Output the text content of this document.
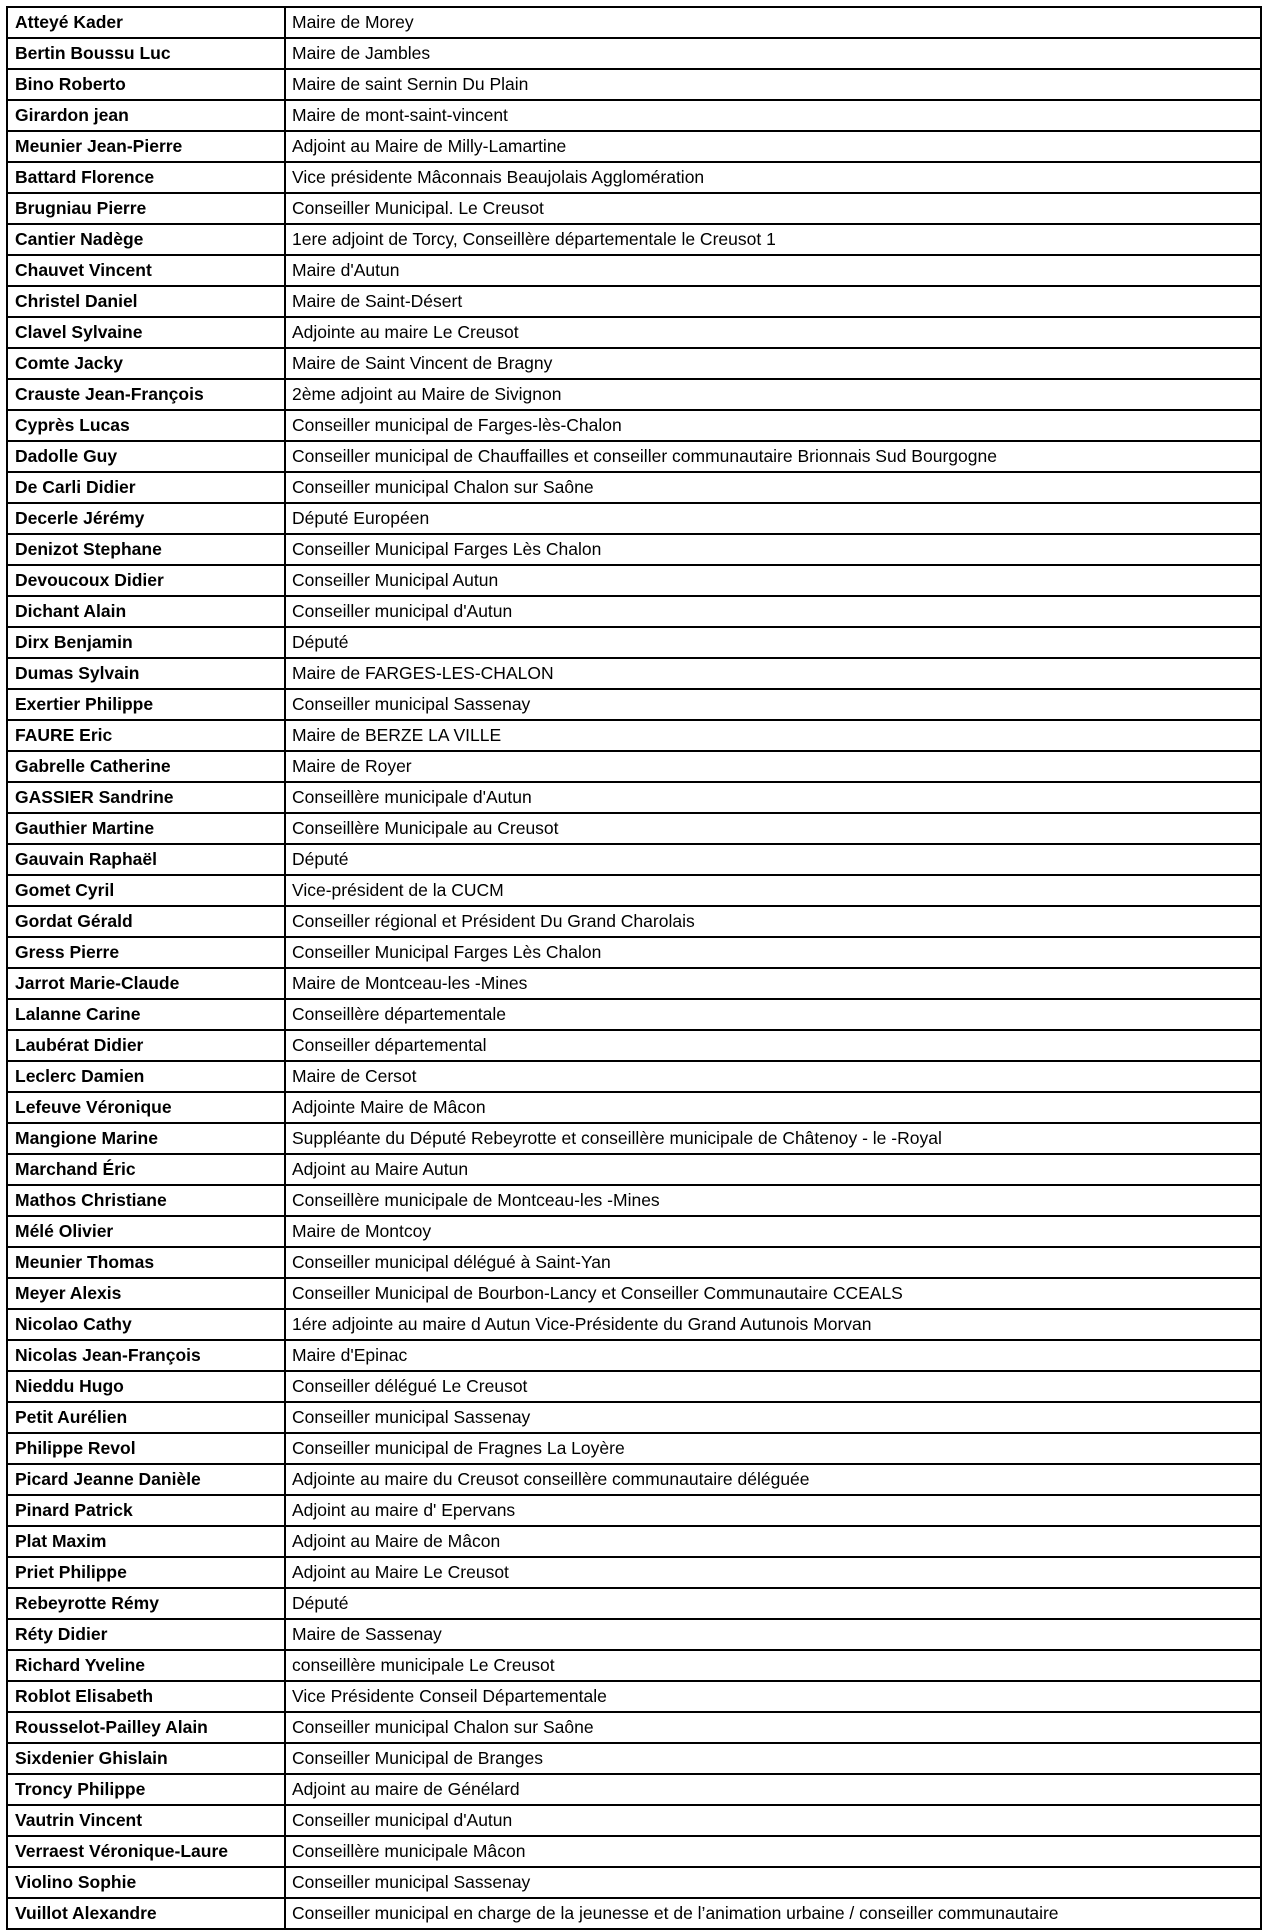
Atteyé Kader	Maire de Morey
Bertin Boussu Luc	Maire de Jambles
Bino Roberto	Maire de saint Sernin Du Plain
Girardon jean	Maire de mont-saint-vincent
Meunier Jean-Pierre	Adjoint au Maire de Milly-Lamartine
Battard Florence	Vice présidente Mâconnais Beaujolais Agglomération
Brugniau Pierre	Conseiller Municipal. Le Creusot
Cantier Nadège	1ere adjoint de Torcy, Conseillère départementale le Creusot 1
Chauvet Vincent	Maire d'Autun
Christel Daniel	Maire de Saint-Désert
Clavel Sylvaine	Adjointe au maire Le Creusot
Comte Jacky	Maire de Saint Vincent de Bragny
Crauste Jean-François	2ème adjoint au Maire de Sivignon
Cyprès Lucas	Conseiller municipal de Farges-lès-Chalon
Dadolle Guy	Conseiller municipal de Chauffailles et conseiller communautaire Brionnais Sud Bourgogne
De Carli Didier	Conseiller municipal Chalon sur Saône
Decerle Jérémy	Député Européen
Denizot Stephane	Conseiller Municipal Farges Lès Chalon
Devoucoux Didier	Conseiller Municipal Autun
Dichant Alain	Conseiller municipal d'Autun
Dirx Benjamin	Député
Dumas Sylvain	Maire de FARGES-LES-CHALON
Exertier Philippe	Conseiller municipal Sassenay
FAURE Eric	Maire de BERZE LA VILLE
Gabrelle Catherine	Maire de Royer
GASSIER Sandrine	Conseillère municipale d'Autun
Gauthier Martine	Conseillère Municipale au Creusot
Gauvain Raphaël	Député
Gomet Cyril	Vice-président de la CUCM
Gordat Gérald	Conseiller régional et Président Du Grand Charolais
Gress Pierre	Conseiller Municipal Farges Lès Chalon
Jarrot Marie-Claude	Maire de Montceau-les -Mines
Lalanne Carine	Conseillère départementale
Laubérat Didier	Conseiller départemental
Leclerc Damien	Maire de Cersot
Lefeuve Véronique	Adjointe Maire de Mâcon
Mangione Marine	Suppléante du Député Rebeyrotte et conseillère municipale de Châtenoy - le -Royal
Marchand Éric	Adjoint au Maire Autun
Mathos Christiane	Conseillère municipale de Montceau-les -Mines
Mélé Olivier	Maire de Montcoy
Meunier Thomas	Conseiller municipal délégué à Saint-Yan
Meyer Alexis	Conseiller Municipal de Bourbon-Lancy et Conseiller Communautaire CCEALS
Nicolao Cathy	1ére adjointe au maire d Autun Vice-Présidente du Grand Autunois Morvan
Nicolas Jean-François	Maire d'Epinac
Nieddu Hugo	Conseiller délégué Le Creusot
Petit Aurélien	Conseiller municipal Sassenay
Philippe Revol	Conseiller municipal de Fragnes La Loyère
Picard Jeanne Danièle	Adjointe au maire du Creusot conseillère communautaire déléguée
Pinard Patrick	Adjoint au maire d' Epervans
Plat Maxim	Adjoint au Maire de Mâcon
Priet Philippe	Adjoint au Maire Le Creusot
Rebeyrotte Rémy	Député
Réty Didier	Maire de Sassenay
Richard Yveline	conseillère municipale Le Creusot
Roblot Elisabeth	Vice Présidente Conseil Départementale
Rousselot-Pailley Alain	Conseiller municipal Chalon sur Saône
Sixdenier Ghislain	Conseiller Municipal de Branges
Troncy Philippe	Adjoint au maire de Génélard
Vautrin Vincent	Conseiller municipal d'Autun
Verraest Véronique-Laure	Conseillère municipale Mâcon
Violino Sophie	Conseiller municipal Sassenay
Vuillot Alexandre	Conseiller municipal en charge de la jeunesse et de l’animation urbaine / conseiller communautaire
